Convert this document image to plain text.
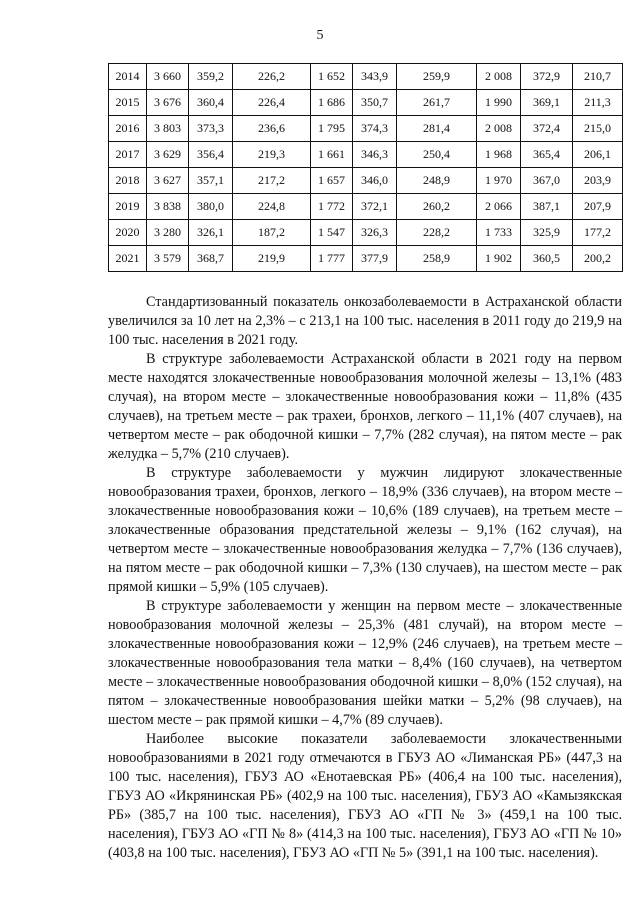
5
2014	3 660	359,2	226,2	1 652	343,9	259,9	2 008	372,9	210,7
2015	3 676	360,4	226,4	1 686	350,7	261,7	1 990	369,1	211,3
2016	3 803	373,3	236,6	1 795	374,3	281,4	2 008	372,4	215,0
2017	3 629	356,4	219,3	1 661	346,3	250,4	1 968	365,4	206,1
2018	3 627	357,1	217,2	1 657	346,0	248,9	1 970	367,0	203,9
2019	3 838	380,0	224,8	1 772	372,1	260,2	2 066	387,1	207,9
2020	3 280	326,1	187,2	1 547	326,3	228,2	1 733	325,9	177,2
2021	3 579	368,7	219,9	1 777	377,9	258,9	1 902	360,5	200,2

Стандартизованный показатель онкозаболеваемости в Астраханской области увеличился за 10 лет на 2,3% – с 213,1 на 100 тыс. населения в 2011 году до 219,9 на 100 тыс. населения в 2021 году.

В структуре заболеваемости Астраханской области в 2021 году на первом месте находятся злокачественные новообразования молочной железы – 13,1% (483 случая), на втором месте – злокачественные новообразования кожи – 11,8% (435 случаев), на третьем месте – рак трахеи, бронхов, легкого – 11,1% (407 случаев), на четвертом месте – рак ободочной кишки – 7,7% (282 случая), на пятом месте – рак желудка – 5,7% (210 случаев).

В структуре заболеваемости у мужчин лидируют злокачественные новообразования трахеи, бронхов, легкого – 18,9% (336 случаев), на втором месте – злокачественные новообразования кожи – 10,6% (189 случаев), на третьем месте – злокачественные образования предстательной железы – 9,1% (162 случая), на четвертом месте – злокачественные новообразования желудка – 7,7% (136 случаев), на пятом месте – рак ободочной кишки – 7,3% (130 случаев), на шестом месте – рак прямой кишки – 5,9% (105 случаев).

В структуре заболеваемости у женщин на первом месте – злокачественные новообразования молочной железы – 25,3% (481 случай), на втором месте – злокачественные новообразования кожи – 12,9% (246 случаев), на третьем месте – злокачественные новообразования тела матки – 8,4% (160 случаев), на четвертом месте – злокачественные новообразования ободочной кишки – 8,0% (152 случая), на пятом – злокачественные новообразования шейки матки – 5,2% (98 случаев), на шестом месте – рак прямой кишки – 4,7% (89 случаев).

Наиболее высокие показатели заболеваемости злокачественными новообразованиями в 2021 году отмечаются в ГБУЗ АО «Лиманская РБ» (447,3 на 100 тыс. населения), ГБУЗ АО «Енотаевская РБ» (406,4 на 100 тыс. населения), ГБУЗ АО «Икрянинская РБ» (402,9 на 100 тыс. населения), ГБУЗ АО «Камызякская РБ» (385,7 на 100 тыс. населения), ГБУЗ АО «ГП № 3» (459,1 на 100 тыс. населения), ГБУЗ АО «ГП № 8» (414,3 на 100 тыс. населения), ГБУЗ АО «ГП № 10» (403,8 на 100 тыс. населения), ГБУЗ АО «ГП № 5» (391,1 на 100 тыс. населения).
